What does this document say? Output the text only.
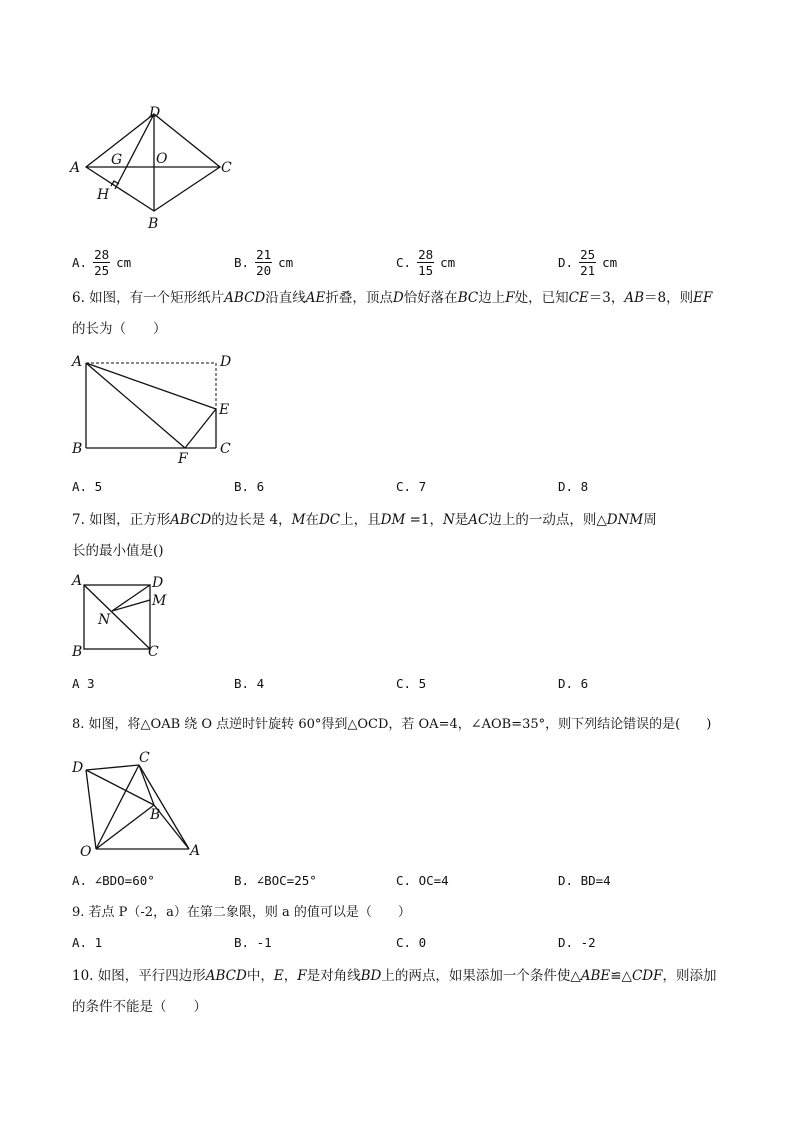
A
D
C
B
G O
H
A. $\frac{28}{25}$ cm	B. $\frac{21}{20}$ cm	C. $\frac{28}{15}$ cm	D. $\frac{25}{21}$ cm
6. 如图，有一个矩形纸片ABCD沿直线AE折叠，顶点D恰好落在BC边上F处，已知CE＝3，AB＝8，则EF
的长为（　　）
A	D
E
B	C
F
A. 5	B. 6	C. 7	D. 8
7. 如图，正方形ABCD的边长是 4，M在DC上，且DM =1，N是AC边上的一动点，则△DNM周
长的最小值是()
A	D
M
N
B	C
A 3	B. 4	C. 5	D. 6
8. 如图，将△OAB 绕 O 点逆时针旋转 60°得到△OCD，若 OA=4，∠AOB=35°，则下列结论错误的是(　　)
D
C
B
O	A
A. ∠BDO=60°	B. ∠BOC=25°	C. OC=4	D. BD=4
9. 若点 P（-2，a）在第二象限，则 a 的值可以是（　　）
A. 1	B. -1	C. 0	D. -2
10. 如图，平行四边形ABCD中，E，F是对角线BD上的两点，如果添加一个条件使△ABE≌△CDF，则添加
的条件不能是（　　）
